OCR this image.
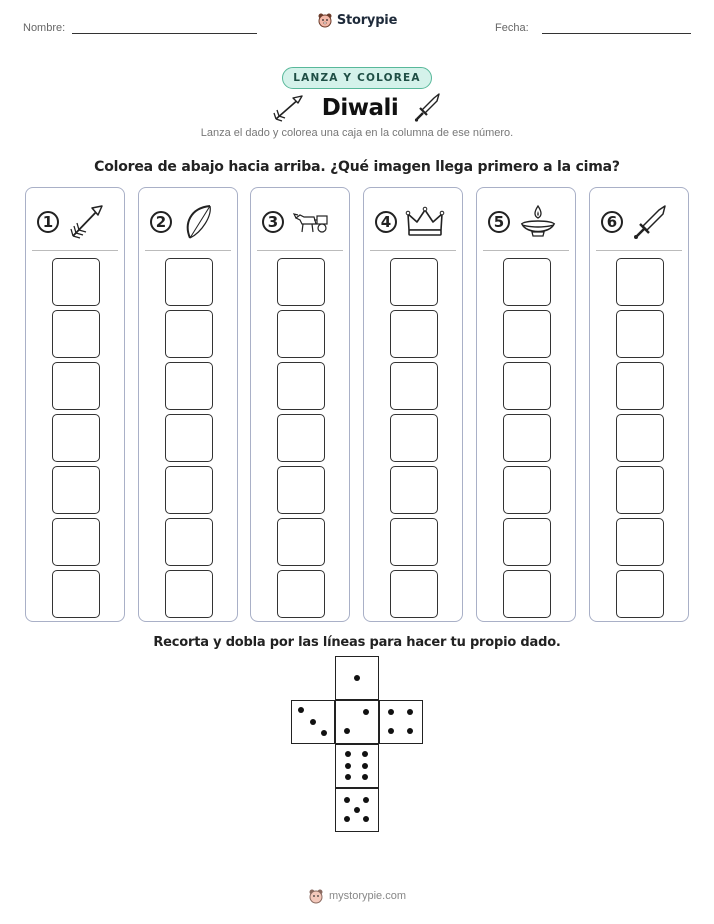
Nombre:	Fecha:
Storypie
LANZA Y COLOREA
Diwali
Lanza el dado y colorea una caja en la columna de ese número.
Colorea de abajo hacia arriba. ¿Qué imagen llega primero a la cima?
1	2	3	4	5	6
Recorta y dobla por las líneas para hacer tu propio dado.
mystorypie.com
